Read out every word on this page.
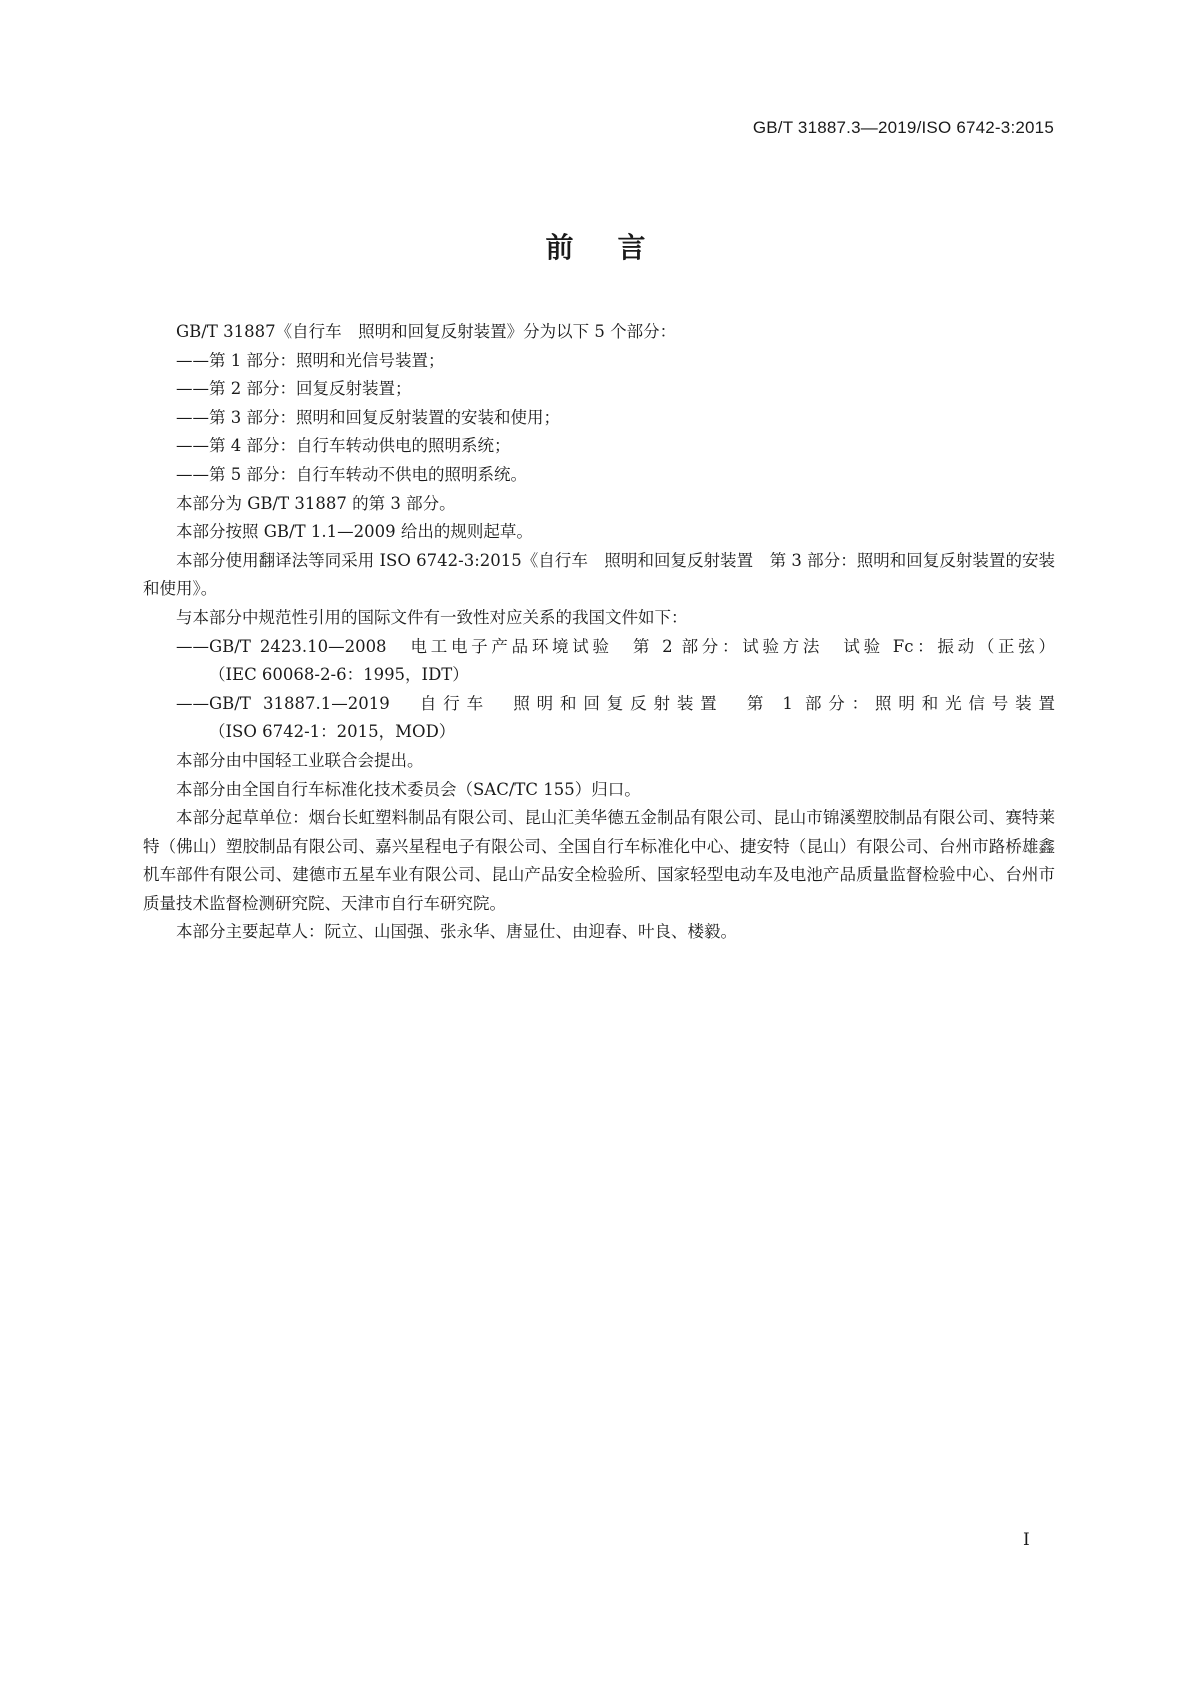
GB/T 31887.3—2019/ISO 6742-3:2015
前言
GB/T 31887《自行车　照明和回复反射装置》分为以下 5 个部分：
——第 1 部分：照明和光信号装置；
——第 2 部分：回复反射装置；
——第 3 部分：照明和回复反射装置的安装和使用；
——第 4 部分：自行车转动供电的照明系统；
——第 5 部分：自行车转动不供电的照明系统。
本部分为 GB/T 31887 的第 3 部分。
本部分按照 GB/T 1.1—2009 给出的规则起草。
本部分使用翻译法等同采用 ISO 6742-3:2015《自行车　照明和回复反射装置　第 3 部分：照明和回复反射装置的安装和使用》。
与本部分中规范性引用的国际文件有一致性对应关系的我国文件如下：
——GB/T 2423.10—2008　电工电子产品环境试验　第 2 部分：试验方法　试验 Fc：振动（正弦）
（IEC 60068-2-6：1995，IDT）
——GB/T 31887.1—2019　自行车　照明和回复反射装置　第 1 部分：照明和光信号装置
（ISO 6742-1：2015，MOD）
本部分由中国轻工业联合会提出。
本部分由全国自行车标准化技术委员会（SAC/TC 155）归口。
本部分起草单位：烟台长虹塑料制品有限公司、昆山汇美华德五金制品有限公司、昆山市锦溪塑胶制品有限公司、赛特莱特（佛山）塑胶制品有限公司、嘉兴星程电子有限公司、全国自行车标准化中心、捷安特（昆山）有限公司、台州市路桥雄鑫机车部件有限公司、建德市五星车业有限公司、昆山产品安全检验所、国家轻型电动车及电池产品质量监督检验中心、台州市质量技术监督检测研究院、天津市自行车研究院。
本部分主要起草人：阮立、山国强、张永华、唐显仕、由迎春、叶良、楼毅。
I
